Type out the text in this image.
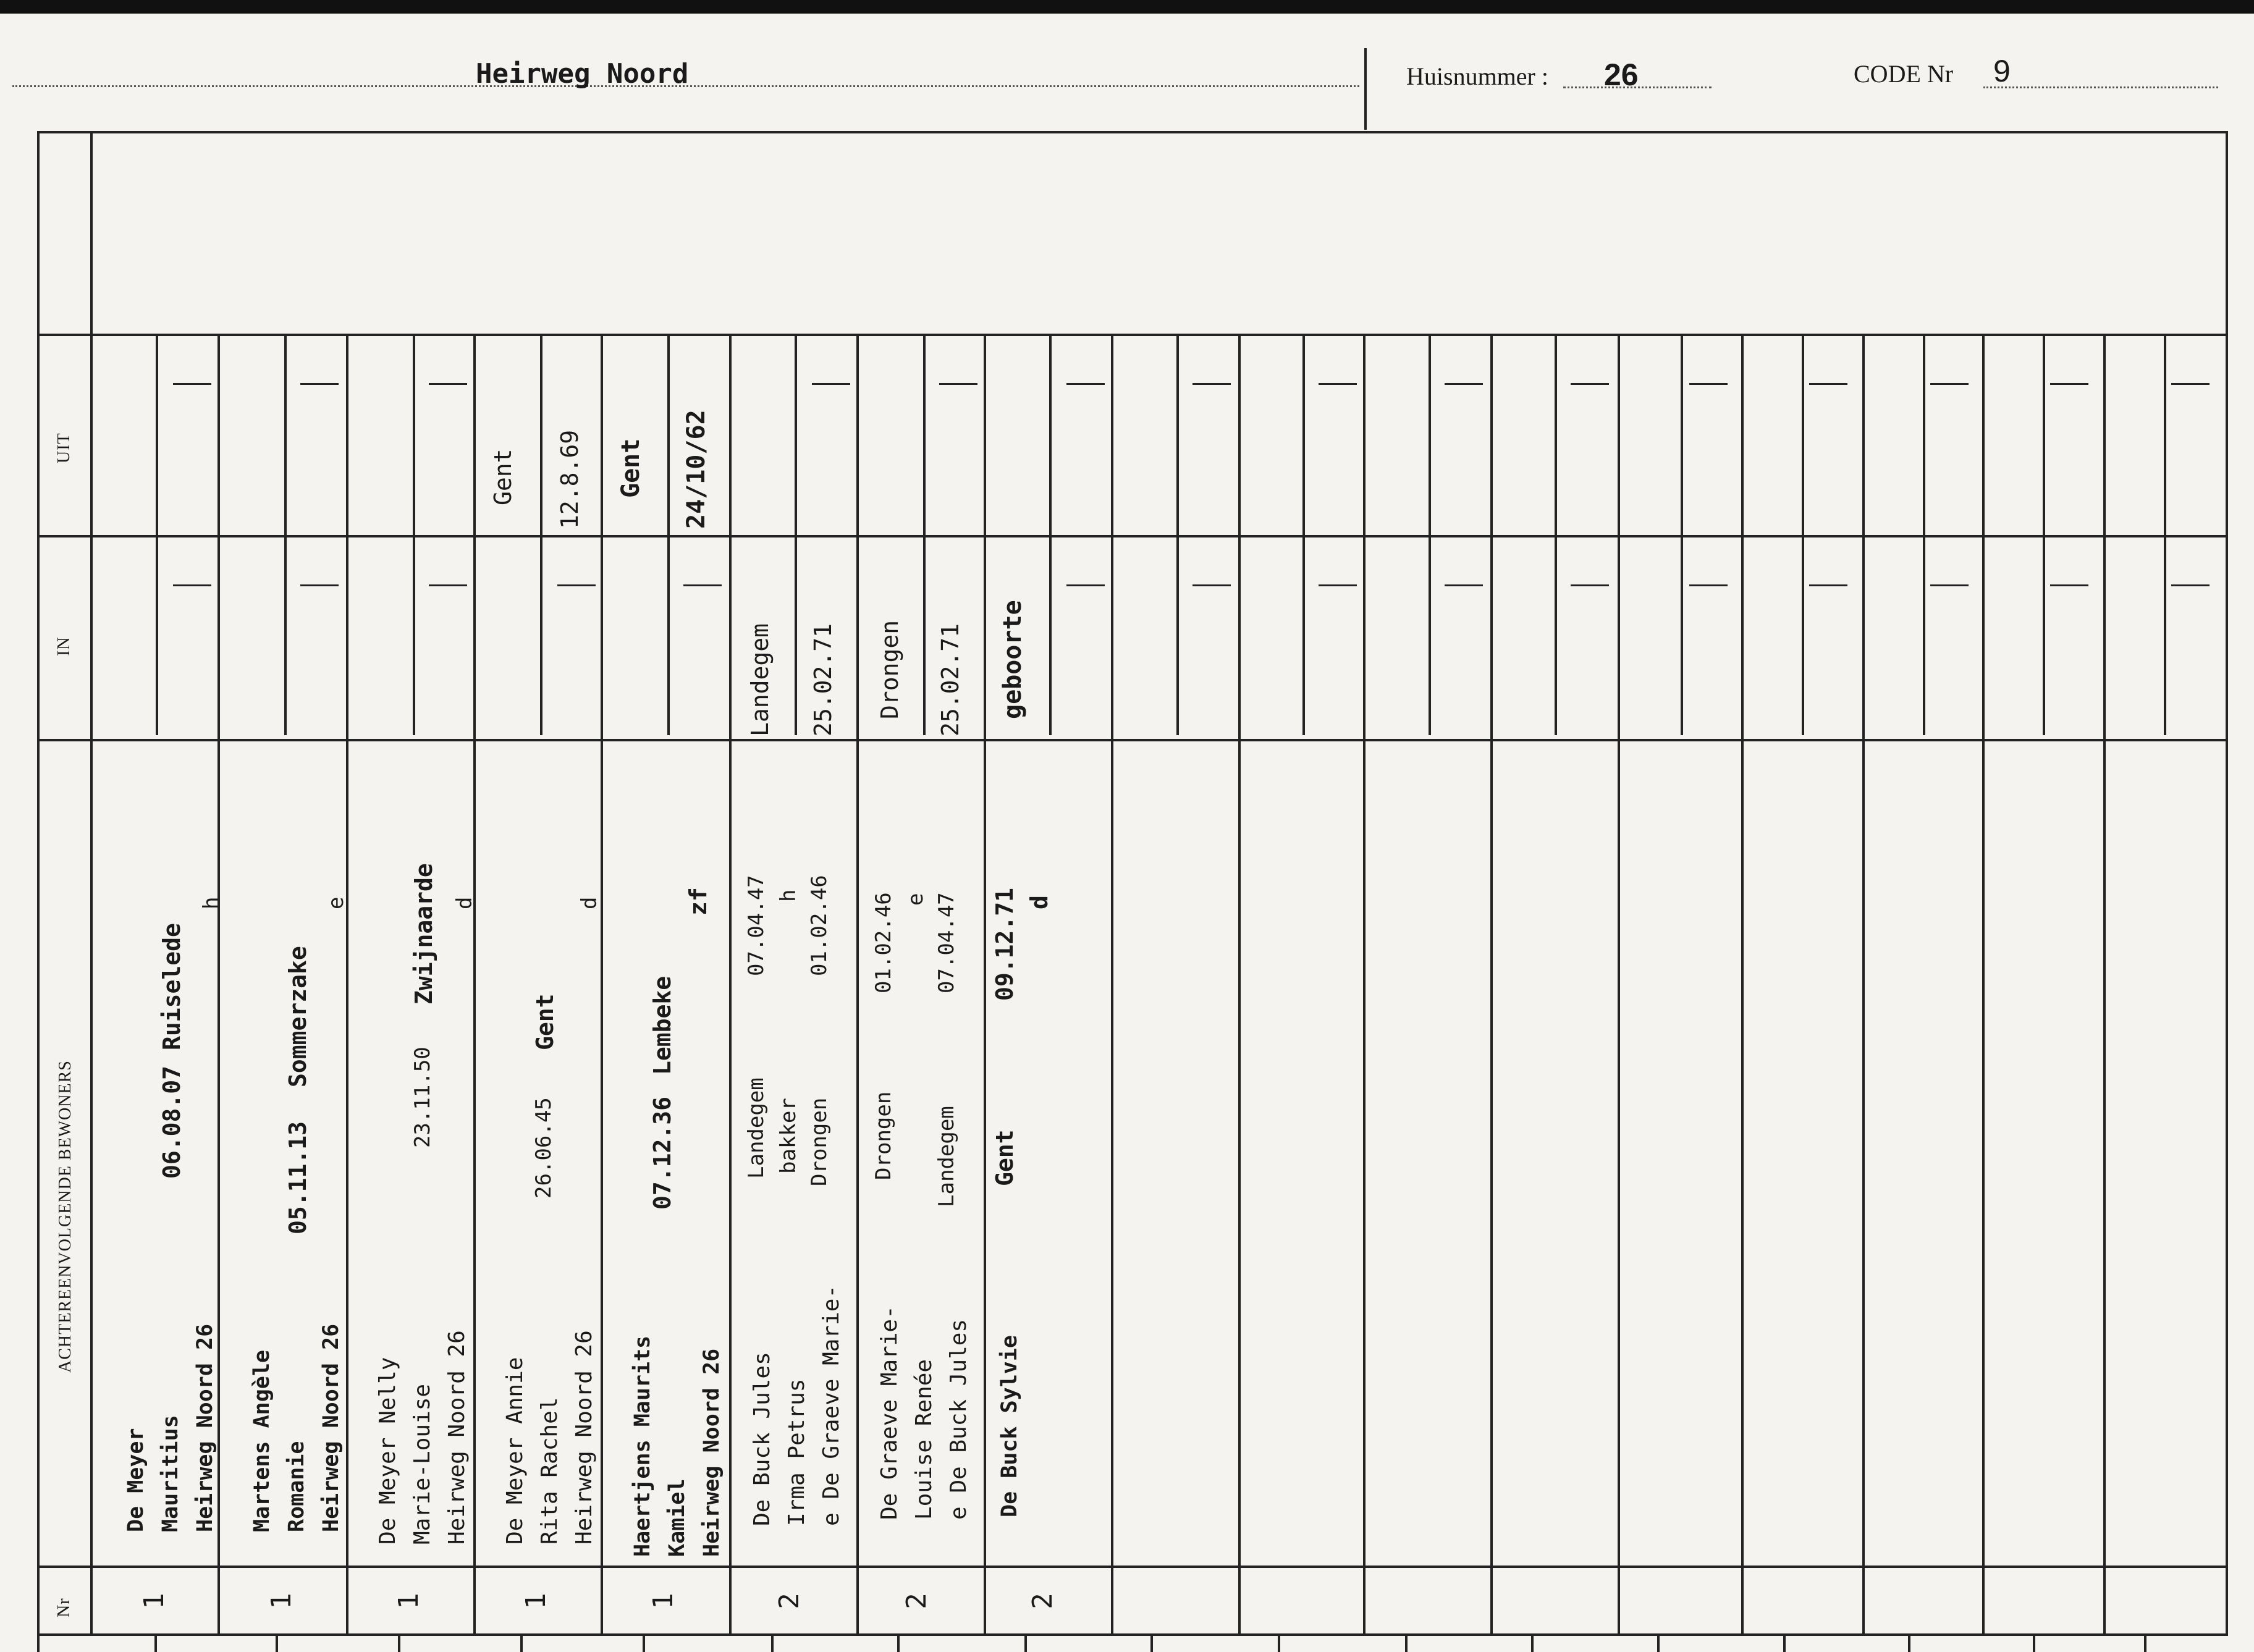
Heirweg Noord	Huisnummer : 26	CODE Nr 9
UIT
IN
ACHTEREENVOLGENDE BEWONERS
Nr 1
De Meyer Mauritius Heirweg Noord 26
06.08.07
Ruiselede
h
1
Martens Angèle Romanie Heirweg Noord 26
05.11.13
Sommerzake
e
1
De Meyer Nelly Marie-Louise Heirweg Noord 26
23.11.50
Zwijnaarde d
1
De Meyer Annie Rita Rachel Heirweg Noord 26
26.06.45
Gent
d
Gent 12.8.69
1
Haertjens Maurits Kamiel Heirweg Noord 26
07.12.36
Lembeke
zf
Gent 24/10/62
2
De Buck Jules Irma Petrus e De Graeve Marie-
Landegem bakker Drongen
07.04.47 h 01.02.46
Landegem 25.02.71
2
De Graeve Marie- Louise Renée e De Buck Jules
Drongen Landegem
01.02.46 e 07.04.47
Drongen 25.02.71
2
De Buck Sylvie
Gent
09.12.71 d
geboorte
